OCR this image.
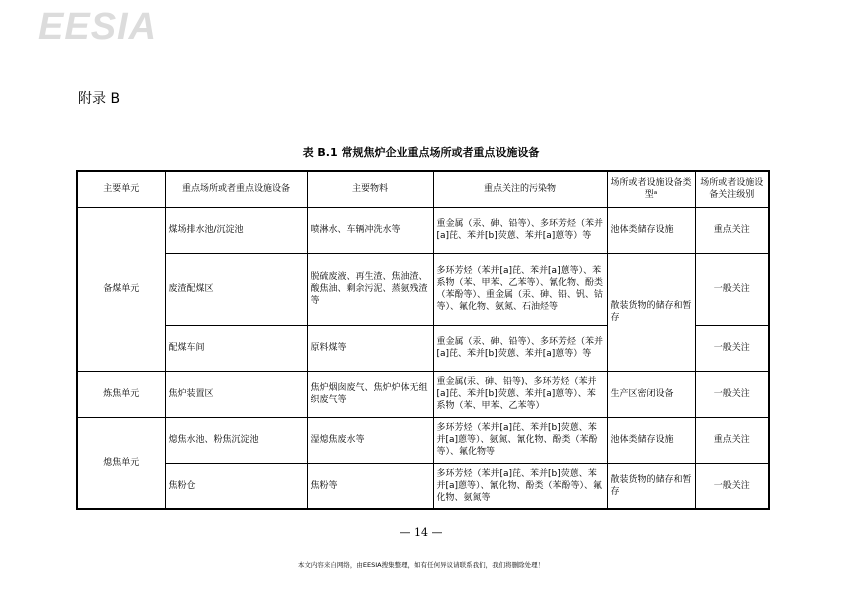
EESIA
附录 B
表 B.1 常规焦炉企业重点场所或者重点设施设备
主要单元	重点场所或者重点设施设备	主要物料	重点关注的污染物	场所或者设施设备类型ᵃ	场所或者设施设备关注级别
备煤单元	煤场排水池/沉淀池	喷淋水、车辆冲洗水等	重金属（汞、砷、铅等）、多环芳烃（苯并[a]芘、苯并[b]荧蒽、苯并[a]蒽等）等	池体类储存设施	重点关注
	废渣配煤区	脱硫废液、再生渣、焦油渣、酸焦油、剩余污泥、蒸氨残渣等	多环芳烃（苯并[a]芘、苯并[a]蒽等）、苯系物（苯、甲苯、乙苯等）、氰化物、酚类（苯酚等）、重金属（汞、砷、铅、钒、钴等）、氟化物、氨氮、石油烃等	散装货物的储存和暂存	一般关注
	配煤车间	原料煤等	重金属（汞、砷、铅等）、多环芳烃（苯并[a]芘、苯并[b]荧蒽、苯并[a]蒽等）等		一般关注
炼焦单元	焦炉装置区	焦炉烟囱废气、焦炉炉体无组织废气等	重金属(汞、砷、铅等)、多环芳烃（苯并[a]芘、苯并[b]荧蒽、苯并[a]蒽等）、苯系物（苯、甲苯、乙苯等）	生产区密闭设备	一般关注
熄焦单元	熄焦水池、粉焦沉淀池	湿熄焦废水等	多环芳烃（苯并[a]芘、苯并[b]荧蒽、苯并[a]蒽等）、氨氮、氰化物、酚类（苯酚等）、氟化物等	池体类储存设施	重点关注
	焦粉仓	焦粉等	多环芳烃（苯并[a]芘、苯并[b]荧蒽、苯并[a]蒽等）、氰化物、酚类（苯酚等）、氟化物、氨氮等	散装货物的储存和暂存	一般关注
— 14 —
本文内容来自网络，由EESIA搜集整理，如有任何异议请联系我们，我们将删除处理！
